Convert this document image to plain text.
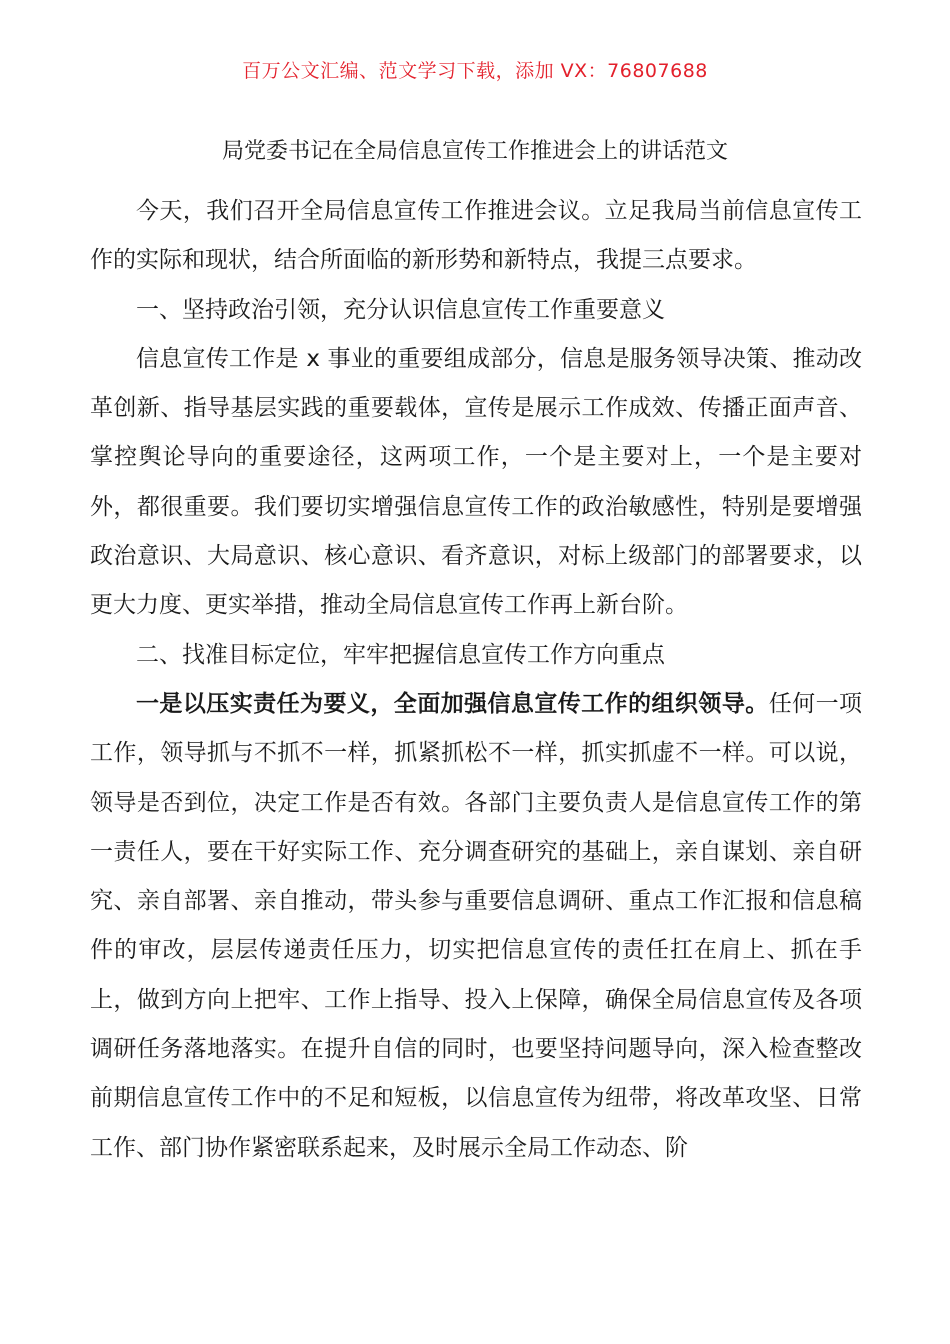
百万公文汇编、范文学习下载，添加 VX：76807688
局党委书记在全局信息宣传工作推进会上的讲话范文

今天，我们召开全局信息宣传工作推进会议。立足我局当前信息宣传工作的实际和现状，结合所面临的新形势和新特点，我提三点要求。

一、坚持政治引领，充分认识信息宣传工作重要意义

信息宣传工作是 x 事业的重要组成部分，信息是服务领导决策、推动改革创新、指导基层实践的重要载体，宣传是展示工作成效、传播正面声音、掌控舆论导向的重要途径，这两项工作，一个是主要对上，一个是主要对外，都很重要。我们要切实增强信息宣传工作的政治敏感性，特别是要增强政治意识、大局意识、核心意识、看齐意识，对标上级部门的部署要求，以更大力度、更实举措，推动全局信息宣传工作再上新台阶。

二、找准目标定位，牢牢把握信息宣传工作方向重点

一是以压实责任为要义，全面加强信息宣传工作的组织领导。任何一项工作，领导抓与不抓不一样，抓紧抓松不一样，抓实抓虚不一样。可以说，领导是否到位，决定工作是否有效。各部门主要负责人是信息宣传工作的第一责任人，要在干好实际工作、充分调查研究的基础上，亲自谋划、亲自研究、亲自部署、亲自推动，带头参与重要信息调研、重点工作汇报和信息稿件的审改，层层传递责任压力，切实把信息宣传的责任扛在肩上、抓在手上，做到方向上把牢、工作上指导、投入上保障，确保全局信息宣传及各项调研任务落地落实。在提升自信的同时，也要坚持问题导向，深入检查整改前期信息宣传工作中的不足和短板，以信息宣传为纽带，将改革攻坚、日常工作、部门协作紧密联系起来，及时展示全局工作动态、阶
